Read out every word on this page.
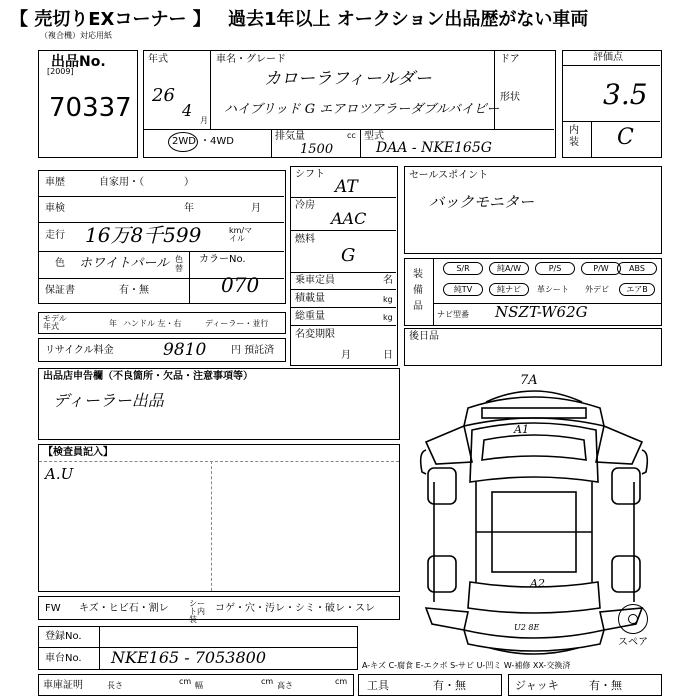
【 売切りEXコーナー 】 過去1年以上 オークション出品歴がない車両
（複合機）対応用紙
出品No.
[2009]
70337
年式
26
4
月
車名・グレード
カローラフィールダー
ハイブリッド G エアロツアラーダブルバイビー
ドア
形状
2WD ・4WD	排気量	cc
1500
型式
DAA - NKE165G
評価点
3.5
内装 C
車歴	自家用・（　　　　）
車検	年	月
走行 16万8千599	km/マイル
色 ホワイトパール 色替
カラーNo.
070
保証書	有・無
シフト
AT
冷房
AAC
燃料
G
乗車定員	名
積載量	kg
総重量	kg
名変期限
月	日
セールスポイント
バックモニター
装備品
S/R	純A/W	P/S	P/W	ABS
純TV	純ナビ	革シート 外デビ	エアB
ナビ型番 NSZT-W62G
モデル年式	年 ハンドル 左・右	ディーラー・並行
後日品
リサイクル料金	9810 円 預託済
出品店申告欄（不良箇所・欠品・注意事項等）
ディーラー出品
【検査員記入】
A.U
7A
A1
A2
U2 8E
スペア
FW キズ・ヒビ石・割レ	シート内装
コゲ・穴・汚レ・シミ・破レ・スレ
登録No.
車台No. NKE165 - 7053800	A-キズ C-腐食 E-エクボ S-サビ U-凹ミ W-補修 XX-交換済
車庫証明	長さ	cm 幅	cm 高さ	cm 工具	有・無	ジャッキ	有・無
